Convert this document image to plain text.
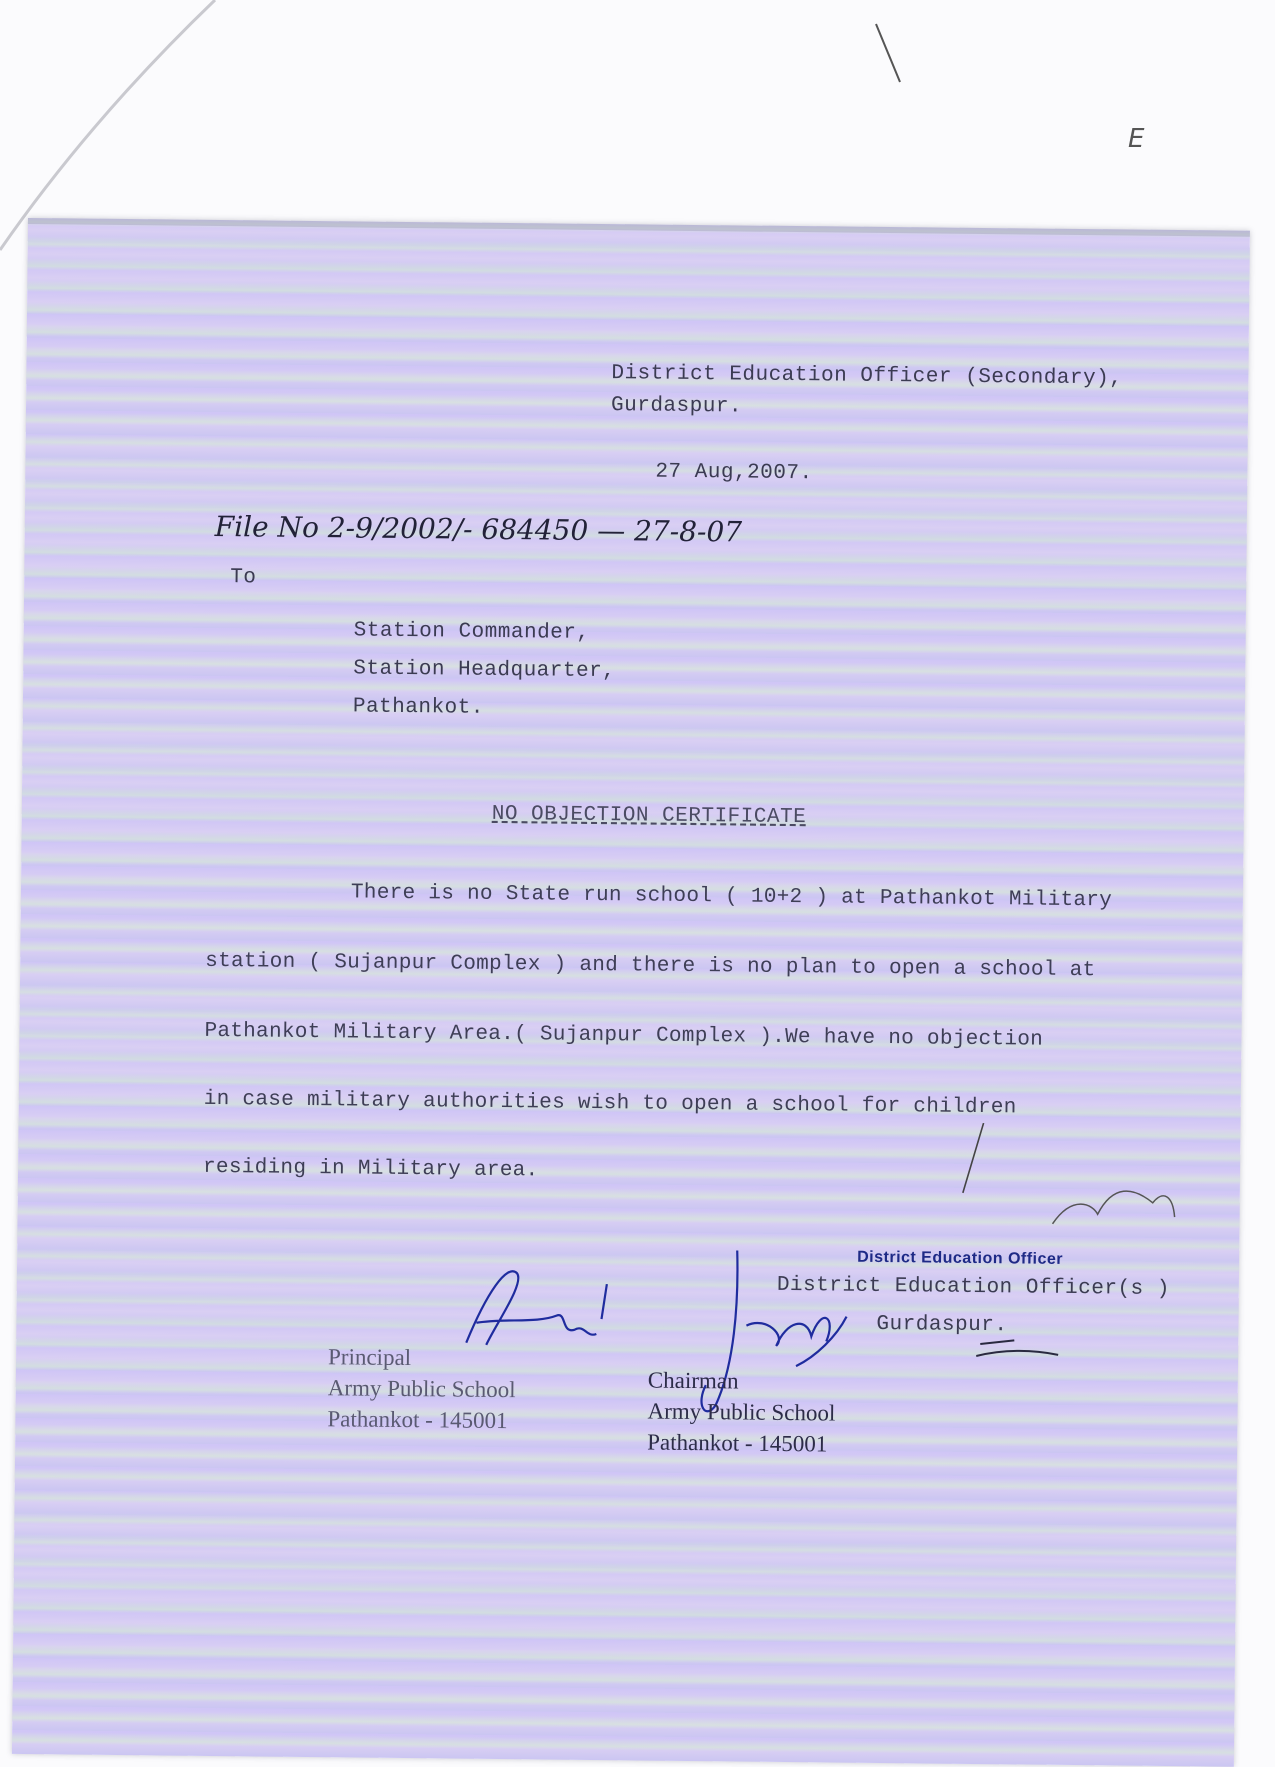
E
District Education Officer (Secondary),
Gurdaspur.
27 Aug,2007.
File No 2-9/2002/- 684450 — 27-8-07
To
Station Commander,
Station Headquarter,
Pathankot.
NO OBJECTION CERTIFICATE
There is no State run school ( 10+2 ) at Pathankot Military
station ( Sujanpur Complex ) and there is no plan to open a school at
Pathankot Military Area.( Sujanpur Complex ).We have no objection
in case military authorities wish to open a school for children
residing in Military area.
District Education Officer
District Education Officer(s )
Gurdaspur.
Principal
Army Public School
Pathankot - 145001
Chairman
Army Public School
Pathankot - 145001
